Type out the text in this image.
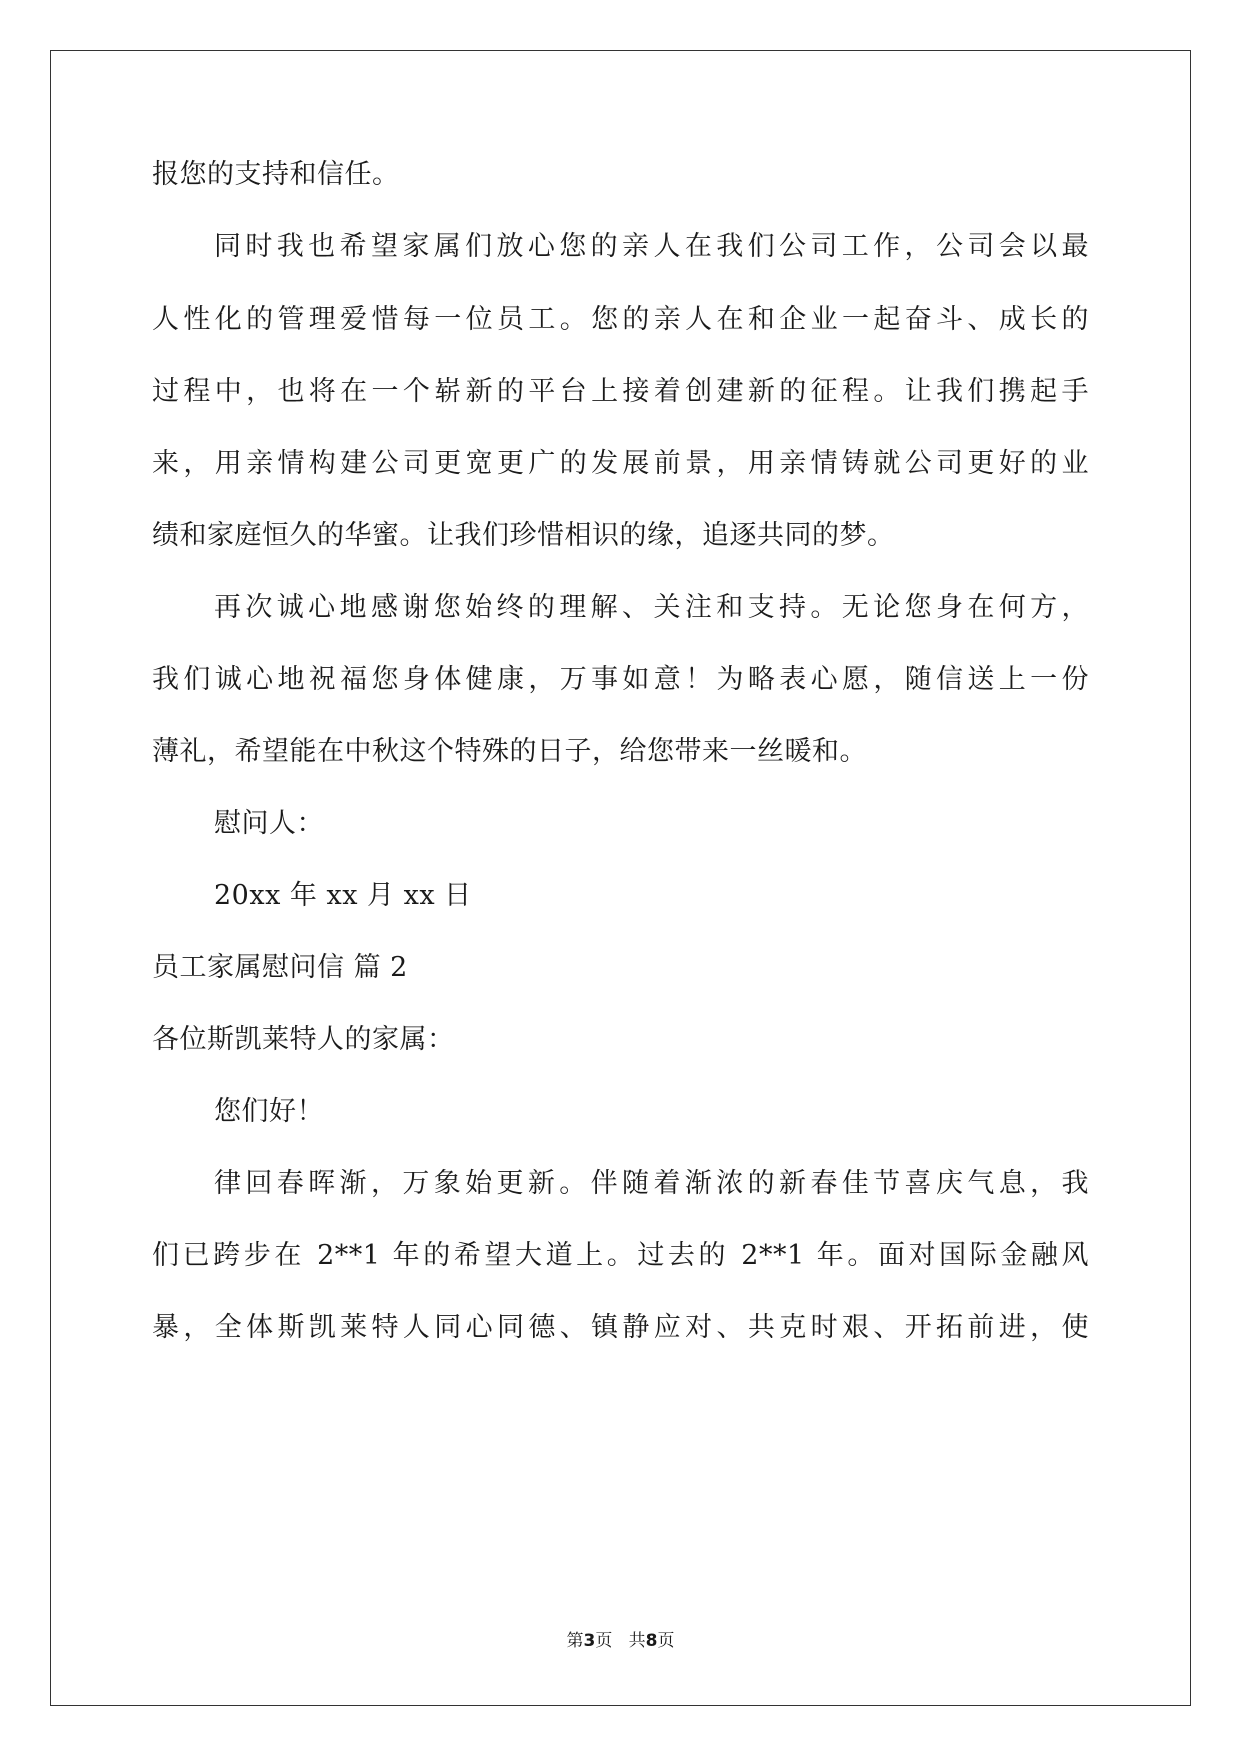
报您的支持和信任。
同时我也希望家属们放心您的亲人在我们公司工作，公司会以最
人性化的管理爱惜每一位员工。您的亲人在和企业一起奋斗、成长的
过程中，也将在一个崭新的平台上接着创建新的征程。让我们携起手
来，用亲情构建公司更宽更广的发展前景，用亲情铸就公司更好的业
绩和家庭恒久的华蜜。让我们珍惜相识的缘，追逐共同的梦。
再次诚心地感谢您始终的理解、关注和支持。无论您身在何方，
我们诚心地祝福您身体健康，万事如意！为略表心愿，随信送上一份
薄礼，希望能在中秋这个特殊的日子，给您带来一丝暖和。
慰问人：
20xx 年 xx 月 xx 日
员工家属慰问信 篇 2
各位斯凯莱特人的家属：
您们好！
律回春晖渐，万象始更新。伴随着渐浓的新春佳节喜庆气息，我
们已跨步在 2**1 年的希望大道上。过去的 2**1 年。面对国际金融风
暴，全体斯凯莱特人同心同德、镇静应对、共克时艰、开拓前进，使
第3页   共8页
